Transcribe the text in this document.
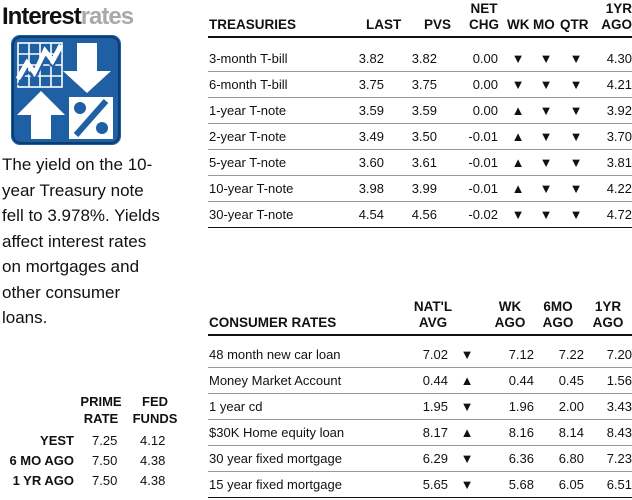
Interestrates
The yield on the 10-year Treasury note fell to 3.978%. Yields affect interest rates on mortgages and other consumer loans.
PRIME RATE
FED FUNDS
YEST 7.25 4.12
6 MO AGO 7.50 4.38
1 YR AGO 7.50 4.38
TREASURIES	LAST PVS
NET
CHG WK MO QTR
1YR
AGO
3-month T-bill	3.82 3.82	0.00 ▼ ▼ ▼ 4.30
6-month T-bill	3.75 3.75	0.00 ▼ ▼ ▼ 4.21
1-year T-note	3.59 3.59	0.00 ▲ ▼ ▼ 3.92
2-year T-note	3.49 3.50 -0.01 ▲ ▼ ▼ 3.70
5-year T-note	3.60 3.61 -0.01 ▲ ▼ ▼ 3.81
10-year T-note	3.98 3.99 -0.01 ▲ ▼ ▼ 4.22
30-year T-note	4.54 4.56 -0.02 ▼ ▼ ▼ 4.72
CONSUMER RATES
NAT'L
AVG
WK
AGO
6MO
AGO
1YR
AGO
48 month new car loan	7.02 ▼	7.12 7.22 7.20
Money Market Account	0.44 ▲	0.44 0.45 1.56
1 year cd	1.95 ▼	1.96 2.00 3.43
$30K Home equity loan	8.17 ▲	8.16 8.14 8.43
30 year fixed mortgage	6.29 ▼	6.36 6.80 7.23
15 year fixed mortgage	5.65 ▼	5.68 6.05 6.51
